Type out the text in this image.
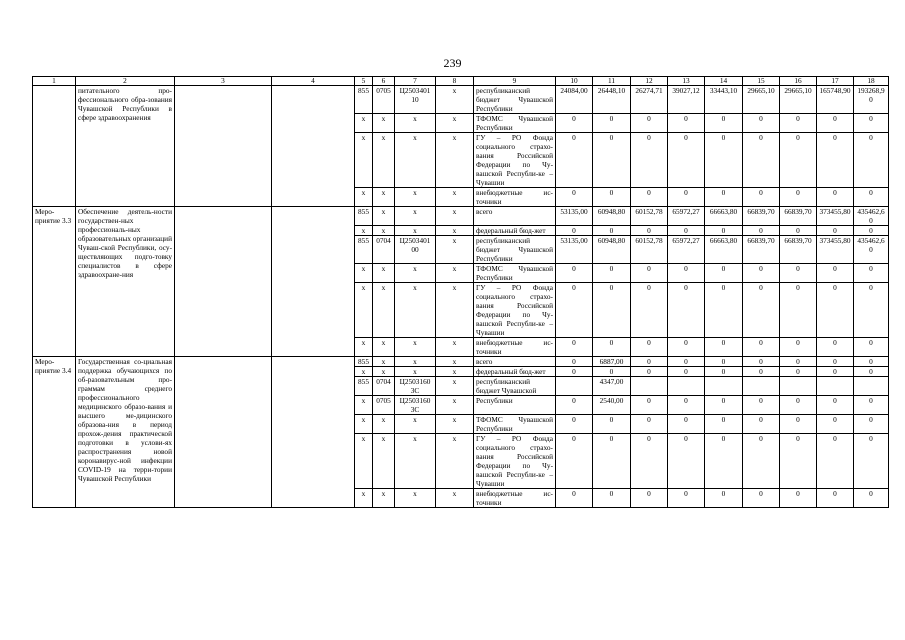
239
1	2	3	4	5	6	7	8	9	10	11	12	13	14	15	16	17	18
	питательного про-фессионального обра-зования Чувашской Республики в сфере здравоохранения			855	0705	Ц2503401 10	х	республиканский бюджет Чувашской Республики	24084,00	26448,10	26274,71	39027,12	33443,10	29665,10	29665,10	165748,90	193268,90
				х	х	х	х	ТФОМС Чувашской Республики	0	0	0	0	0	0	0	0	0
				х	х	х	х	ГУ – РО Фонда социального страхо-вания Российской Федерации по Чу-вашской Республи-ке – Чувашии	0	0	0	0	0	0	0	0	0
				х	х	х	х	внебюджетные ис-точники	0	0	0	0	0	0	0	0	0
Меро-приятие 3.3	Обеспечение деятель-ности государствен-ных профессиональ-ных образовательных организаций Чуваш-ской Республики, осу-ществляющих подго-товку специалистов в сфере здравоохране-ния			855	х	х	х	всего	53135,00	60948,80	60152,78	65972,27	66663,80	66839,70	66839,70	373455,80	435462,60
				х	х	х	х	федеральный бюд-жет	0	0	0	0	0	0	0	0	0
				855	0704	Ц2503401 00	х	республиканский бюджет Чувашской Республики	53135,00	60948,80	60152,78	65972,27	66663,80	66839,70	66839,70	373455,80	435462,60
				х	х	х	х	ТФОМС Чувашской Республики	0	0	0	0	0	0	0	0	0
				х	х	х	х	ГУ – РО Фонда социального страхо-вания Российской Федерации по Чу-вашской Республи-ке – Чувашии	0	0	0	0	0	0	0	0	0
				х	х	х	х	внебюджетные ис-точники	0	0	0	0	0	0	0	0	0
Меро-приятие 3.4	Государственная со-циальная поддержка обучающихся по об-разовательным про-граммам среднего профессионального медицинского образо-вания и высшего ме-дицинского образова-ния в период прохож-дения практической подготовки в услови-ях распространения новой коронавирус-ной инфекции COVID-19 на терри-тории Чувашской Республики			855	х	х	х	всего	0	6887,00	0	0	0	0	0	0	0
				х	х	х	х	федеральный бюд-жет	0	0	0	0	0	0	0	0	0
				855	0704	Ц2503160 3С	х	республиканский бюджет Чувашской		4347,00							
				х	0705	Ц2503160 3С	х	Республики	0	2540,00	0	0	0	0	0	0	0
				х	х	х	х	ТФОМС Чувашской Республики	0	0	0	0	0	0	0	0	0
				х	х	х	х	ГУ – РО Фонда социального страхо-вания Российской Федерации по Чу-вашской Республи-ке – Чувашии	0	0	0	0	0	0	0	0	0
				х	х	х	х	внебюджетные ис-точники	0	0	0	0	0	0	0	0	0
